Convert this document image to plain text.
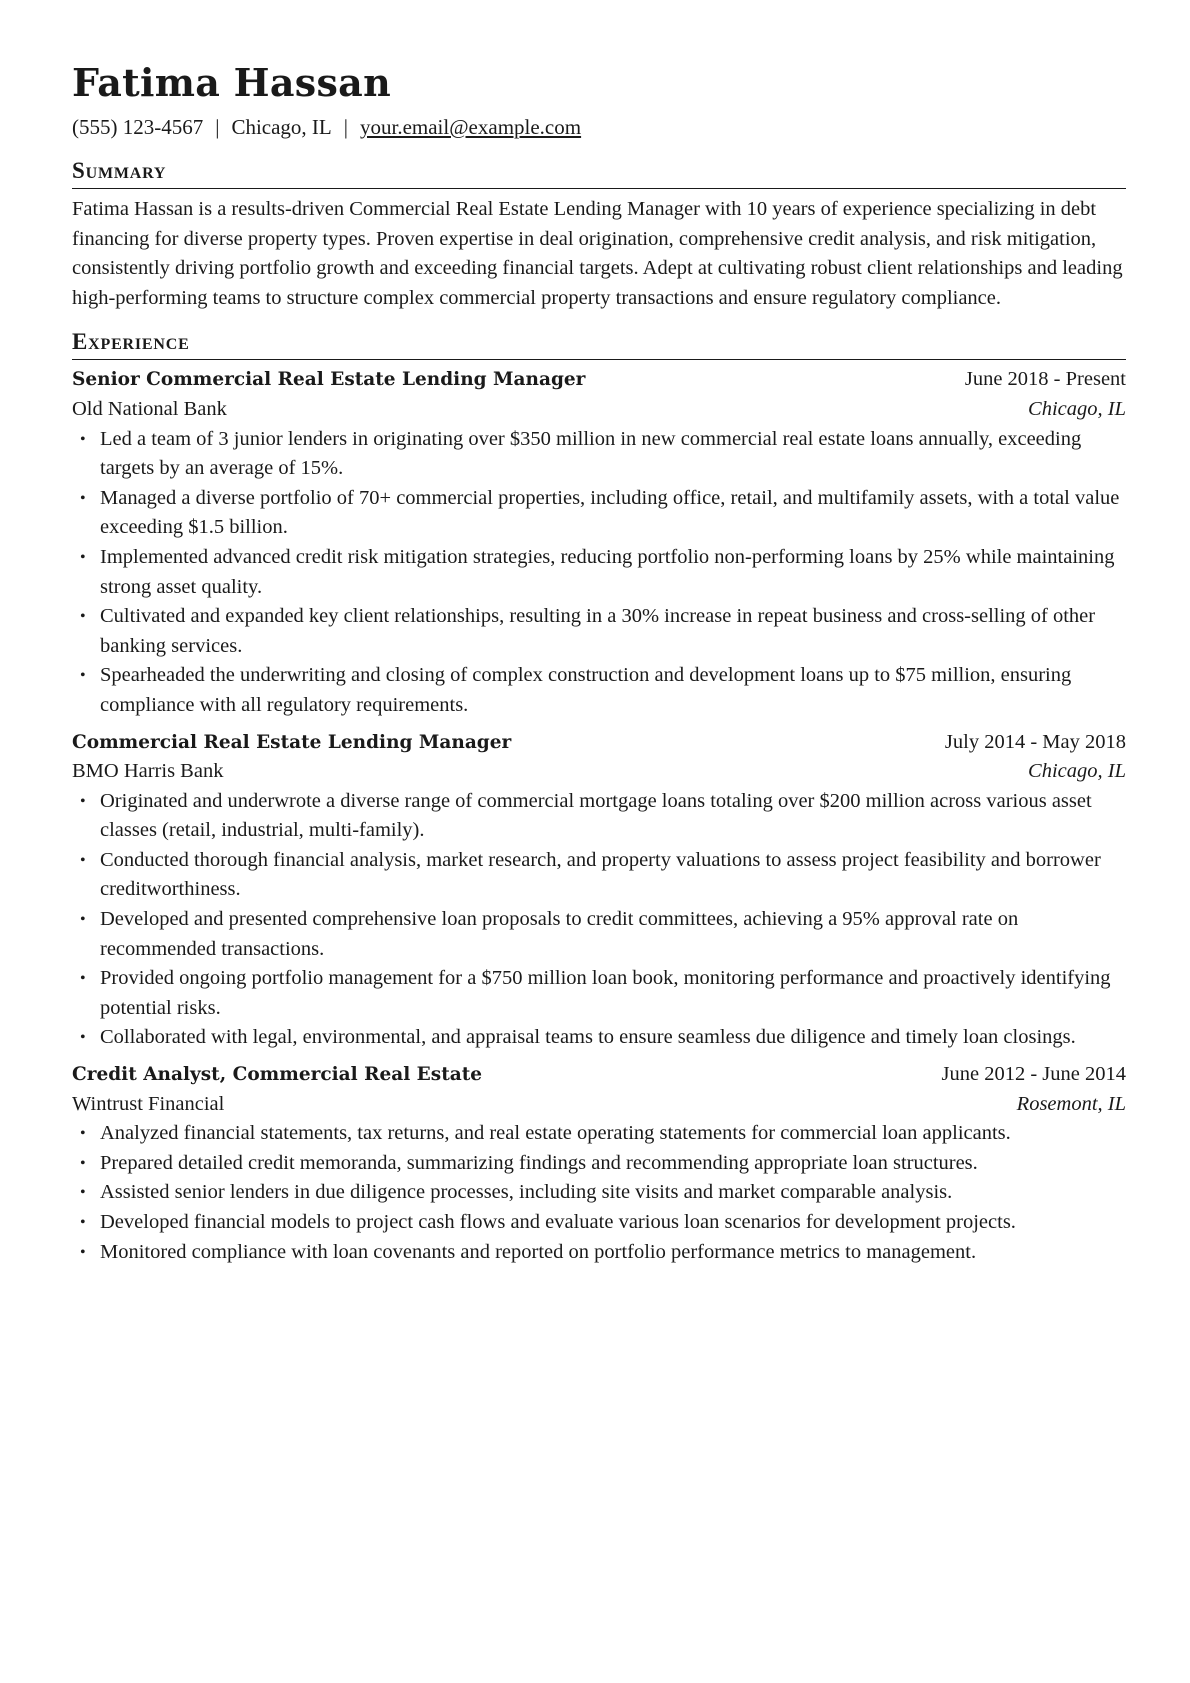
Fatima Hassan
(555) 123-4567 | Chicago, IL | your.email@example.com
Summary

Fatima Hassan is a results-driven Commercial Real Estate Lending Manager with 10 years of experience specializing in debt financing for diverse property types. Proven expertise in deal origination, comprehensive credit analysis, and risk mitigation, consistently driving portfolio growth and exceeding financial targets. Adept at cultivating robust client relationships and leading high-performing teams to structure complex commercial property transactions and ensure regulatory compliance.

Experience
Senior Commercial Real Estate Lending Manager	June 2018 - Present
Old National Bank	Chicago, IL
• Led a team of 3 junior lenders in originating over $350 million in new commercial real estate loans annually, exceeding targets by an average of 15%.
• Managed a diverse portfolio of 70+ commercial properties, including office, retail, and multifamily assets, with a total value exceeding $1.5 billion.
• Implemented advanced credit risk mitigation strategies, reducing portfolio non-performing loans by 25% while maintaining strong asset quality.
• Cultivated and expanded key client relationships, resulting in a 30% increase in repeat business and cross-selling of other banking services.
• Spearheaded the underwriting and closing of complex construction and development loans up to $75 million, ensuring compliance with all regulatory requirements.
Commercial Real Estate Lending Manager	July 2014 - May 2018
BMO Harris Bank	Chicago, IL
• Originated and underwrote a diverse range of commercial mortgage loans totaling over $200 million across various asset classes (retail, industrial, multi-family).
• Conducted thorough financial analysis, market research, and property valuations to assess project feasibility and borrower creditworthiness.
• Developed and presented comprehensive loan proposals to credit committees, achieving a 95% approval rate on recommended transactions.
• Provided ongoing portfolio management for a $750 million loan book, monitoring performance and proactively identifying potential risks.
• Collaborated with legal, environmental, and appraisal teams to ensure seamless due diligence and timely loan closings.
Credit Analyst, Commercial Real Estate	June 2012 - June 2014
Wintrust Financial	Rosemont, IL
• Analyzed financial statements, tax returns, and real estate operating statements for commercial loan applicants.
• Prepared detailed credit memoranda, summarizing findings and recommending appropriate loan structures.
• Assisted senior lenders in due diligence processes, including site visits and market comparable analysis.
• Developed financial models to project cash flows and evaluate various loan scenarios for development projects.
• Monitored compliance with loan covenants and reported on portfolio performance metrics to management.
